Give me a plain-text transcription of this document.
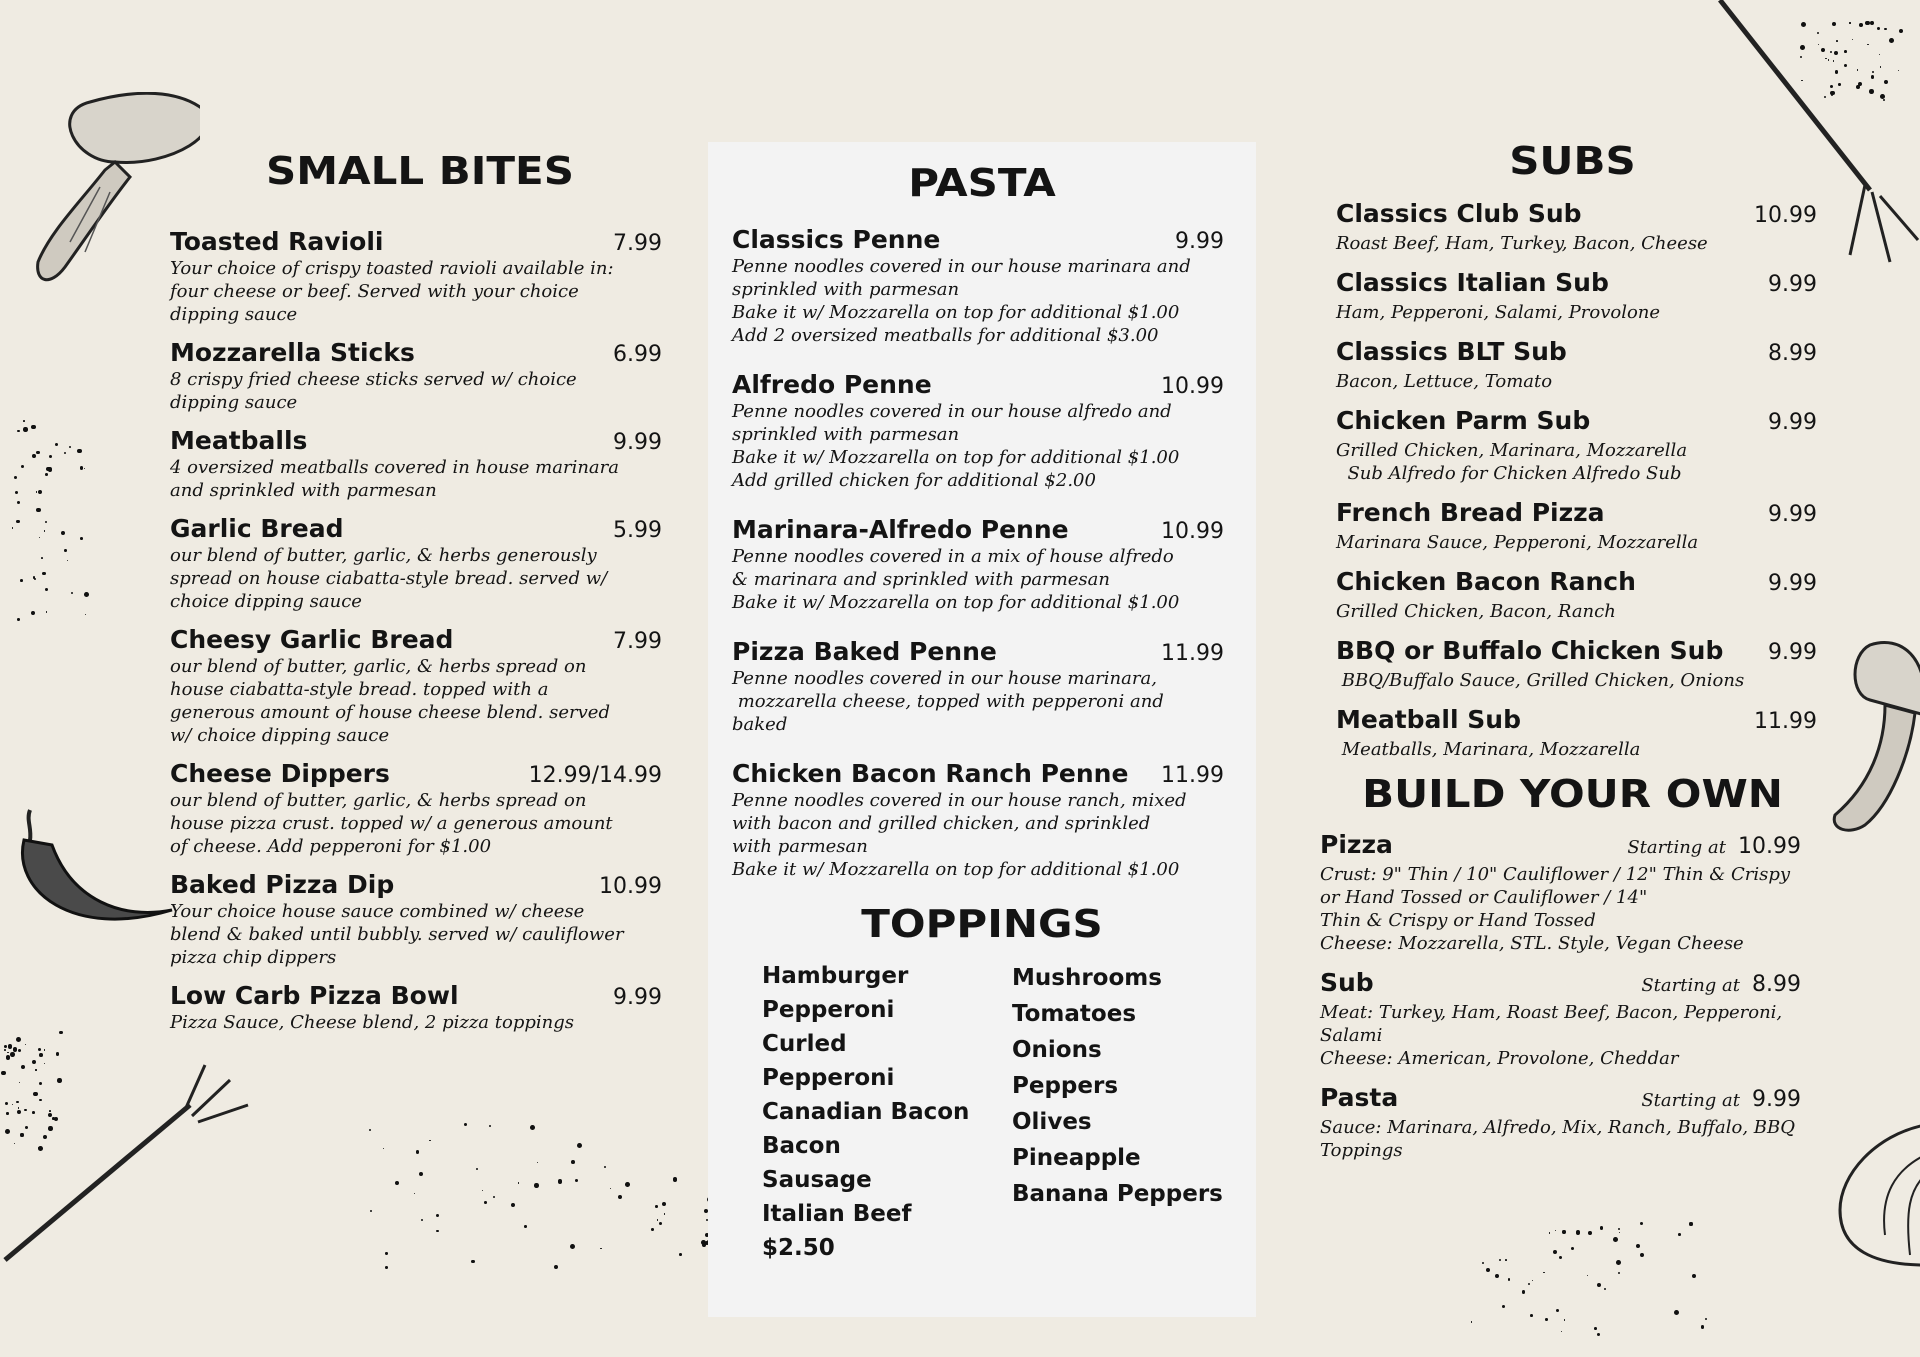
SMALL BITES
Toasted Ravioli	7.99
Your choice of crispy toasted ravioli available in:
four cheese or beef. Served with your choice
dipping sauce
Mozzarella Sticks	6.99
8 crispy fried cheese sticks served w/ choice
dipping sauce
Meatballs	9.99
4 oversized meatballs covered in house marinara
and sprinkled with parmesan
Garlic Bread	5.99
our blend of butter, garlic, & herbs generously
spread on house ciabatta-style bread. served w/
choice dipping sauce
Cheesy Garlic Bread	7.99
our blend of butter, garlic, & herbs spread on
house ciabatta-style bread. topped with a
generous amount of house cheese blend. served
w/ choice dipping sauce
Cheese Dippers	12.99/14.99
our blend of butter, garlic, & herbs spread on
house pizza crust. topped w/ a generous amount
of cheese. Add pepperoni for $1.00
Baked Pizza Dip	10.99
Your choice house sauce combined w/ cheese
blend & baked until bubbly. served w/ cauliflower
pizza chip dippers
Low Carb Pizza Bowl	9.99
Pizza Sauce, Cheese blend, 2 pizza toppings
PASTA
Classics Penne	9.99
Penne noodles covered in our house marinara and
sprinkled with parmesan
Bake it w/ Mozzarella on top for additional $1.00
Add 2 oversized meatballs for additional $3.00
Alfredo Penne	10.99
Penne noodles covered in our house alfredo and
sprinkled with parmesan
Bake it w/ Mozzarella on top for additional $1.00
Add grilled chicken for additional $2.00
Marinara-Alfredo Penne	10.99
Penne noodles covered in a mix of house alfredo
& marinara and sprinkled with parmesan
Bake it w/ Mozzarella on top for additional $1.00
Pizza Baked Penne	11.99
Penne noodles covered in our house marinara,
mozzarella cheese, topped with pepperoni and
baked
Chicken Bacon Ranch Penne 11.99
Penne noodles covered in our house ranch, mixed
with bacon and grilled chicken, and sprinkled
with parmesan
Bake it w/ Mozzarella on top for additional $1.00
TOPPINGS
Hamburger
Pepperoni
Curled Pepperoni
Canadian Bacon
Bacon
Sausage
Italian Beef $2.50
Mushrooms
Tomatoes
Onions
Peppers
Olives
Pineapple
Banana Peppers
SUBS
Classics Club Sub	10.99
Roast Beef, Ham, Turkey, Bacon, Cheese
Classics Italian Sub	9.99
Ham, Pepperoni, Salami, Provolone
Classics BLT Sub	8.99
Bacon, Lettuce, Tomato
Chicken Parm Sub	9.99
Grilled Chicken, Marinara, Mozzarella
Sub Alfredo for Chicken Alfredo Sub
French Bread Pizza	9.99
Marinara Sauce, Pepperoni, Mozzarella
Chicken Bacon Ranch	9.99
Grilled Chicken, Bacon, Ranch
BBQ or Buffalo Chicken Sub 9.99
BBQ/Buffalo Sauce, Grilled Chicken, Onions
Meatball Sub	11.99
Meatballs, Marinara, Mozzarella
BUILD YOUR OWN
Pizza	Starting at 10.99
Crust: 9" Thin / 10" Cauliflower / 12" Thin & Crispy
or Hand Tossed or Cauliflower / 14"
Thin & Crispy or Hand Tossed
Cheese: Mozzarella, STL. Style, Vegan Cheese
Sub	Starting at 8.99
Meat: Turkey, Ham, Roast Beef, Bacon, Pepperoni,
Salami
Cheese: American, Provolone, Cheddar
Pasta	Starting at 9.99
Sauce: Marinara, Alfredo, Mix, Ranch, Buffalo, BBQ
Toppings
